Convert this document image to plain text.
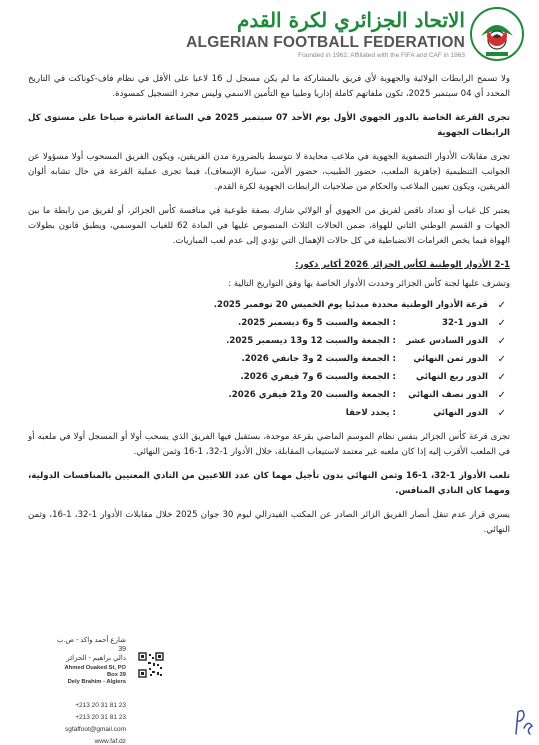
الاتحاد الجزائري لكرة القدم
ALGERIAN FOOTBALL FEDERATION
Founded in 1962, Affiliated with the FIFA and CAF in 1963

ولا تسمح الرابطات الولائية والجهوية لأي فريق بالمشاركة ما لم يكن مسجل ل 16 لاعبا على الأقل في نظام فاف-كوناكت في التاريخ المحدد أي 04 سبتمبر 2025، تكون ملفاتهم كاملة إداريا وطبيا مع التأمين الاسمي وليس مجرد التسجيل كمسودة.

تجرى القرعة الخاصة بالدور الجهوي الأول يوم الأحد 07 سبتمبر 2025 في الساعة العاشرة صباحا على مستوى كل الرابطات الجهوية

تجرى مقابلات الأدوار التصفوية الجهوية في ملاعب محايدة لا تتوسط بالضرورة مدن الفريقين، ويكون الفريق المسحوب أولا مسؤولا عن الجوانب التنظيمية (جاهزية الملعب، حضور الطبيب، حضور الأمن، سيارة الإسعاف)، فيما تجرى عملية القرعة في حال تشابه ألوان الفريقين، ويكون تعيين الملاعب والحكام من صلاحيات الرابطات الجهوية لكرة القدم.

يعتبر كل غياب أو تعداد ناقص لفريق من الجهوي أو الولائي شارك بصفة طوعية في منافسة كأس الجزائر، أو لفريق من رابطة ما بين الجهات و القسم الوطني الثاني للهواة، ضمن الحالات الثلاث المنصوص عليها في المادة 62 للغياب الموسمي، ويطبق قانون بطولات الهواة فيما يخص الغرامات الانضباطية في كل حالات الإهمال التي تؤدي إلى عدم لعب المباريات.

2-1 الأدوار الوطنية لكأس الجزائر 2026 أكابر ذكور:

وتشرف عليها لجنة كأس الجزائر وحددت الأدوار الخاصة بها وفق التواريخ التالية :

✓
قرعة الأدوار الوطنية محددة مبدئيا يوم الخميس 20 نوفمبر 2025.
✓
الدور 1-32
: الجمعة والسبت 5 و6 ديسمبر 2025.
✓
الدور السادس عشر
: الجمعة والسبت 12 و13 ديسمبر 2025.
✓
الدور ثمن النهائي
: الجمعة والسبت 2 و3 جانفي 2026.
✓
الدور ربع النهائي
: الجمعة والسبت 6 و7 فيفري 2026.
✓
الدور نصف النهائي
: الجمعة والسبت 20 و21 فيفري 2026.
✓
الدور النهائي
: يحدد لاحقا

تجرى قرعة كأس الجزائر بنفس نظام الموسم الماضي بقرعة موحدة، بستقبل فيها الفريق الذي يسحب أولا أو المسجل أولا في ملعبه أو في الملعب الأقرب إليه إذا كان ملعبه غير معتمد لاستيعاب المقابلة، خلال الأدوار 1-32، 1-16 وثمن النهائي.

تلعب الأدوار 1-32، 1-16 وثمن النهائي بدون تأجيل مهما كان عدد اللاعبين من النادي المعنيين بالمنافسات الدولية، ومهما كان النادي المنافس.

يسري قرار عدم تنقل أنصار الفريق الزائر الصادر عن المكتب الفيدرالي ليوم 30 جوان 2025 خلال مقابلات الأدوار 1-32، 1-16، وثمن النهائي.

شارع أحمد واكد - ص.ب 39
دالي براهيم - الجزائر
Ahmed Ouaked St, PO Box 39
Dely Brahim - Algiers
+213 20 31 81 23
+213 20 31 81 23
sgfaffoot@gmail.com
www.faf.dz
